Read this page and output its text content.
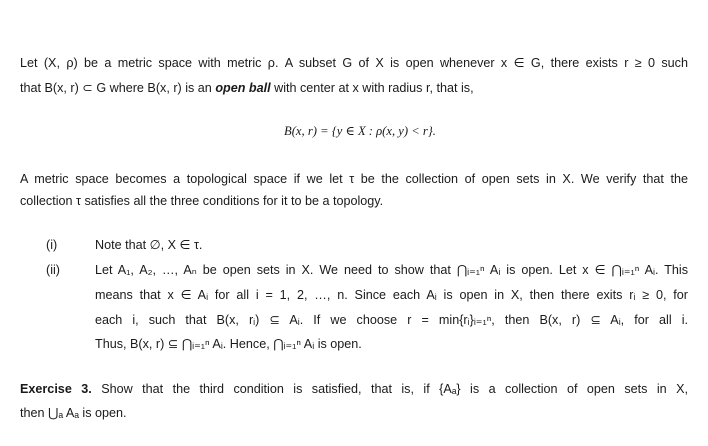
Let (X, ρ) be a metric space with metric ρ. A subset G of X is open whenever x ∈ G, there exists r ≥ 0 such
that B(x, r) ⊂ G where B(x, r) is an open ball with center at x with radius r, that is,
B(x, r) = {y ∈ X : ρ(x, y) < r}.
A metric space becomes a topological space if we let τ be the collection of open sets in X. We verify that the
collection τ satisfies all the three conditions for it to be a topology.
(i)	Note that ∅, X ∈ τ.
(ii)	Let A₁, A₂, …, Aₙ be open sets in X. We need to show that ⋂ᵢ₌₁ⁿ Aᵢ is open. Let x ∈ ⋂ᵢ₌₁ⁿ Aᵢ. This
means that x ∈ Aᵢ for all i = 1, 2, …, n. Since each Aᵢ is open in X, then there exits rᵢ ≥ 0, for
each i, such that B(x, rᵢ) ⊆ Aᵢ. If we choose r = min{rᵢ}ᵢ₌₁ⁿ, then B(x, r) ⊆ Aᵢ, for all i.
Thus, B(x, r) ⊆ ⋂ᵢ₌₁ⁿ Aᵢ. Hence, ⋂ᵢ₌₁ⁿ Aᵢ is open.
Exercise 3. Show that the third condition is satisfied, that is, if {Aₐ} is a collection of open sets in X,
then ⋃ₐ Aₐ is open.
